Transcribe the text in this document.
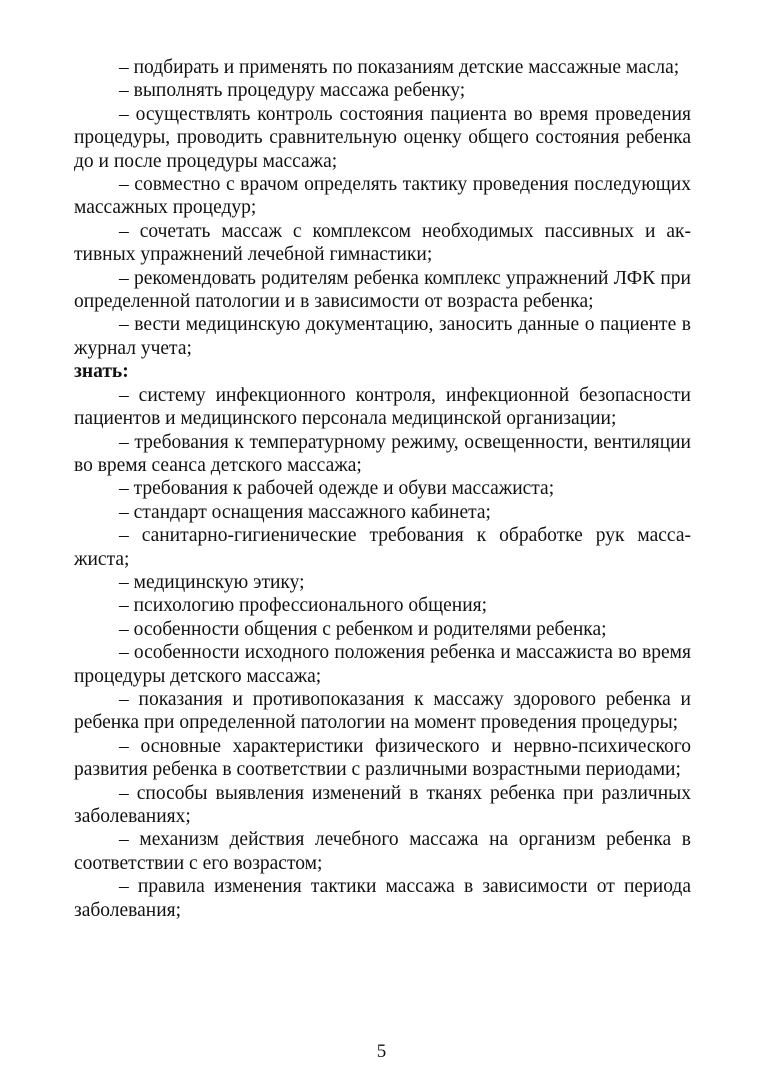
– подбирать и применять по показаниям детские массажные масла;

– выполнять процедуру массажа ребенку;

– осуществлять контроль состояния пациента во время проведения процедуры, проводить сравнительную оценку общего состояния ребенка до и после процедуры массажа;

– совместно с врачом определять тактику проведения последующих массажных процедур;

– сочетать массаж с комплексом необходимых пассивных и активных упражнений лечебной гимнастики;

– рекомендовать родителям ребенка комплекс упражнений ЛФК при определенной патологии и в зависимости от возраста ребенка;

– вести медицинскую документацию, заносить данные о пациенте в журнал учета;

знать:

– систему инфекционного контроля, инфекционной безопасности пациентов и медицинского персонала медицинской организации;

– требования к температурному режиму, освещенности, вентиляции во время сеанса детского массажа;

– требования к рабочей одежде и обуви массажиста;

– стандарт оснащения массажного кабинета;

– санитарно-гигиенические требования к обработке рук массажиста;

– медицинскую этику;

– психологию профессионального общения;

– особенности общения с ребенком и родителями ребенка;

– особенности исходного положения ребенка и массажиста во время процедуры детского массажа;

– показания и противопоказания к массажу здорового ребенка и ребенка при определенной патологии на момент проведения процедуры;

– основные характеристики физического и нервно-психического развития ребенка в соответствии с различными возрастными периодами;

– способы выявления изменений в тканях ребенка при различных заболеваниях;

– механизм действия лечебного массажа на организм ребенка в соответствии с его возрастом;

– правила изменения тактики массажа в зависимости от периода заболевания;

5
